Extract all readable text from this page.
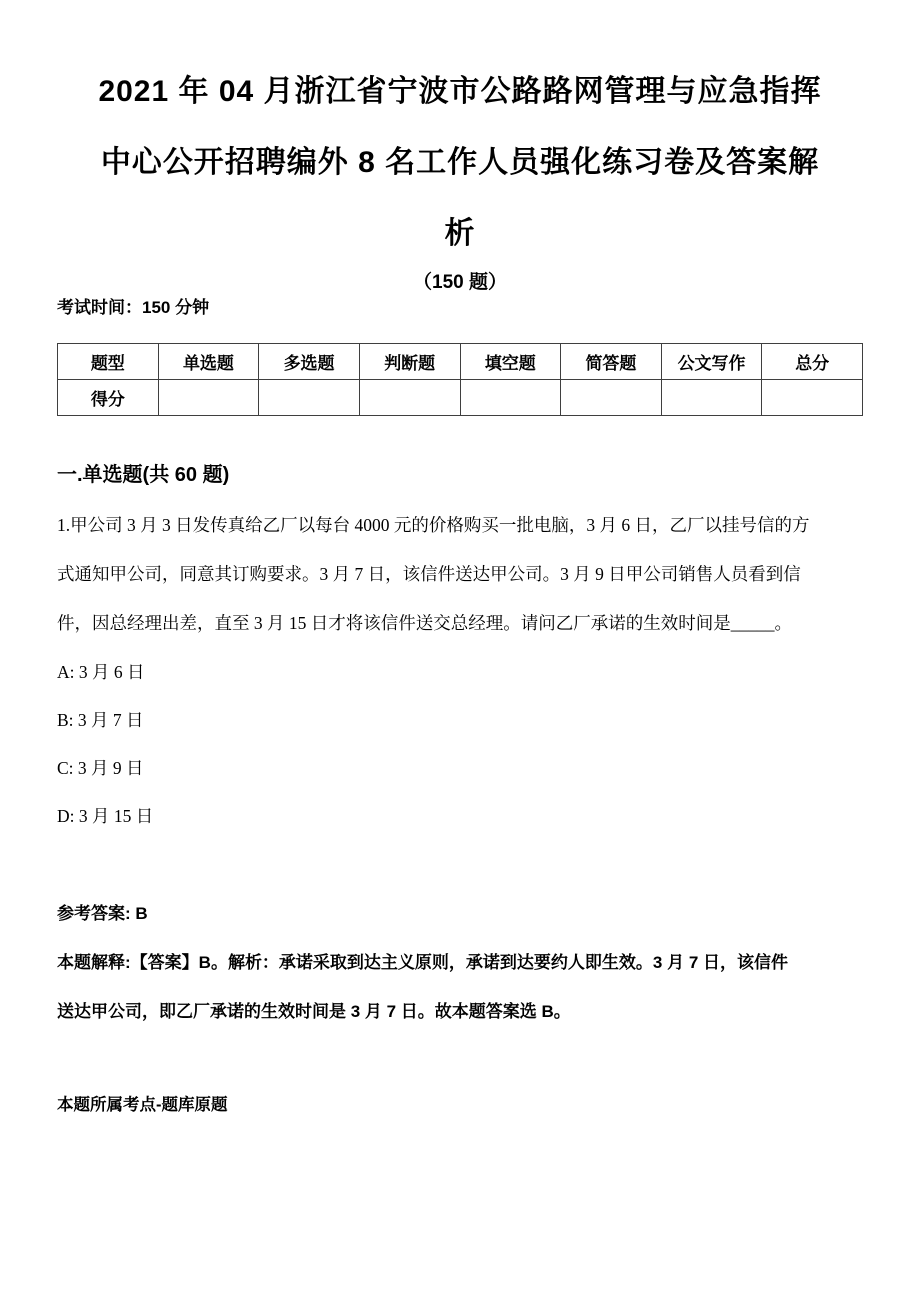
2021 年 04 月浙江省宁波市公路路网管理与应急指挥
中心公开招聘编外 8 名工作人员强化练习卷及答案解
析
（150 题）
考试时间：150 分钟
题型	单选题	多选题	判断题	填空题	简答题	公文写作	总分
得分							
一.单选题(共 60 题)
1.甲公司 3 月 3 日发传真给乙厂以每台 4000 元的价格购买一批电脑，3 月 6 日，乙厂以挂号信的方
式通知甲公司，同意其订购要求。3 月 7 日，该信件送达甲公司。3 月 9 日甲公司销售人员看到信
件，因总经理出差，直至 3 月 15 日才将该信件送交总经理。请问乙厂承诺的生效时间是_____。
A: 3 月 6 日
B: 3 月 7 日
C: 3 月 9 日
D: 3 月 15 日
参考答案: B
本题解释:【答案】B。解析：承诺采取到达主义原则，承诺到达要约人即生效。3 月 7 日，该信件
送达甲公司，即乙厂承诺的生效时间是 3 月 7 日。故本题答案选 B。
本题所属考点-题库原题
